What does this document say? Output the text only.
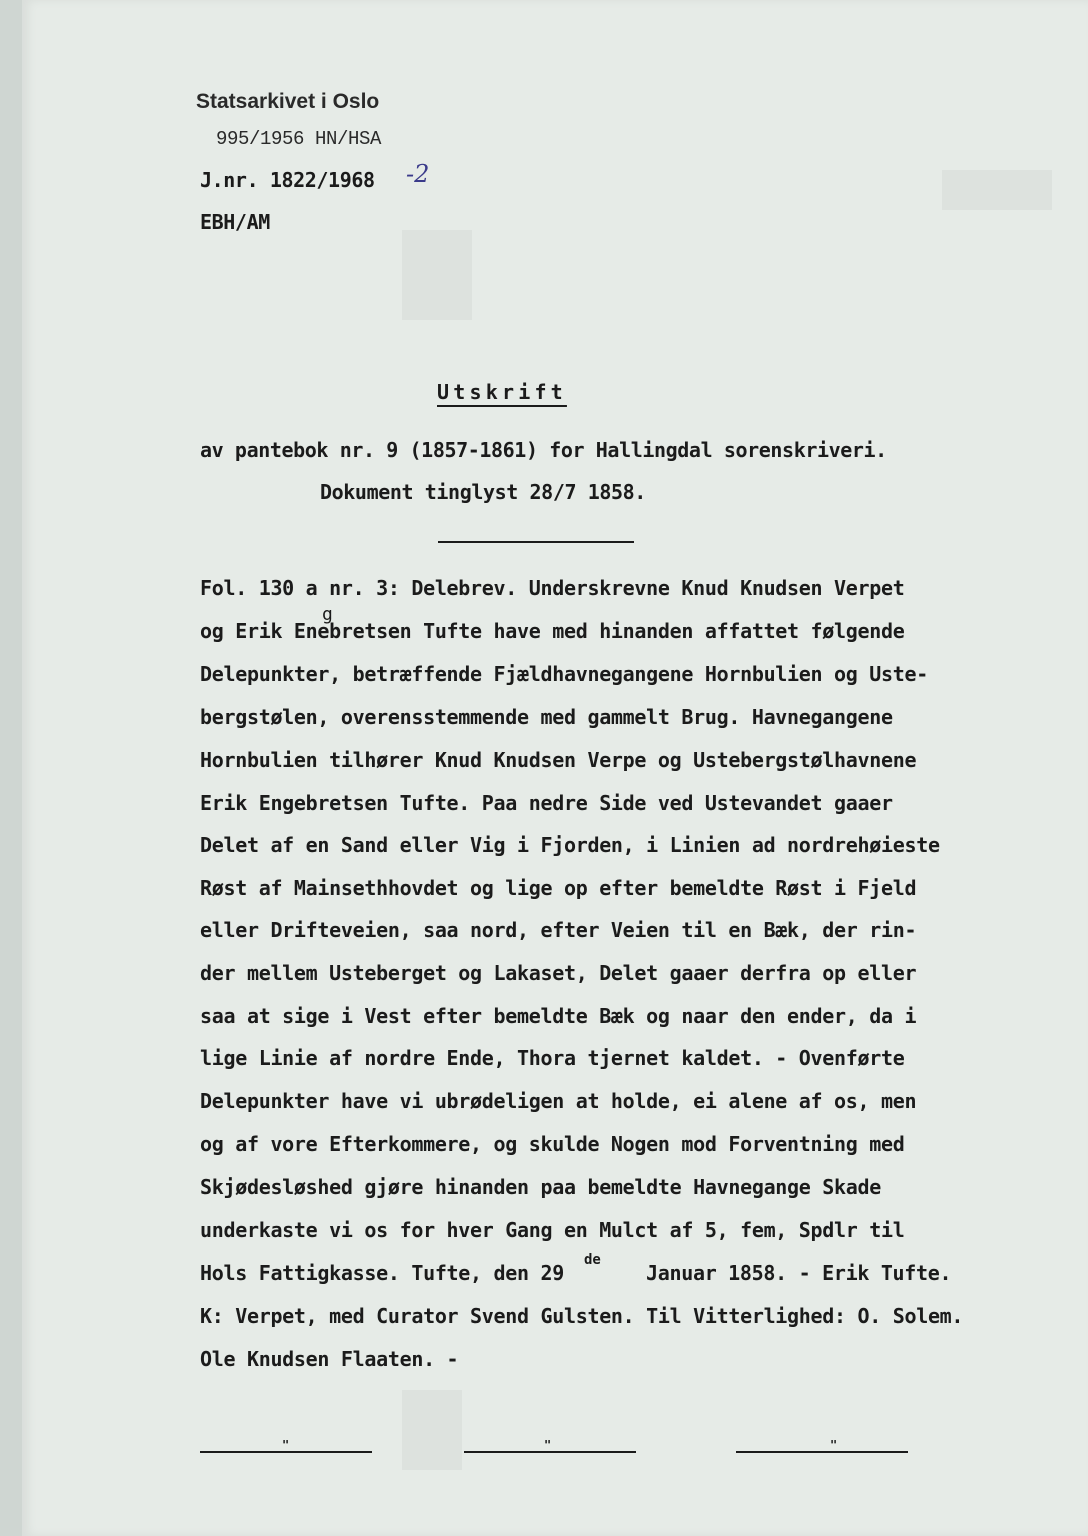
Statsarkivet i Oslo
995/1956 HN/HSA
J.nr. 1822/1968 -2
EBH/AM
Utskrift
av pantebok nr. 9 (1857-1861) for Hallingdal sorenskriveri.
Dokument tinglyst 28/7 1858.
g
Fol. 130 a nr. 3: Delebrev. Underskrevne Knud Knudsen Verpet
og Erik Enebretsen Tufte have med hinanden affattet følgende
Delepunkter, betræffende Fjældhavnegangene Hornbulien og Uste-
bergstølen, overensstemmende med gammelt Brug. Havnegangene
Hornbulien tilhører Knud Knudsen Verpe og Ustebergstølhavnene
Erik Engebretsen Tufte. Paa nedre Side ved Ustevandet gaaer
Delet af en Sand eller Vig i Fjorden, i Linien ad nordrehøieste
Røst af Mainsethhovdet og lige op efter bemeldte Røst i Fjeld
eller Drifteveien, saa nord, efter Veien til en Bæk, der rin-
der mellem Usteberget og Lakaset, Delet gaaer derfra op eller
saa at sige i Vest efter bemeldte Bæk og naar den ender, da i
lige Linie af nordre Ende, Thora tjernet kaldet. - Ovenførte
Delepunkter have vi ubrødeligen at holde, ei alene af os, men
og af vore Efterkommere, og skulde Nogen mod Forventning med
Skjødesløshed gjøre hinanden paa bemeldte Havnegange Skade
underkaste vi os for hver Gang en Mulct af 5, fem, Spdlr til
Hols Fattigkasse. Tufte, den 29
de
Januar 1858. - Erik Tufte.
K: Verpet, med Curator Svend Gulsten. Til Vitterlighed: O. Solem.
Ole Knudsen Flaaten. -
"	"	"
